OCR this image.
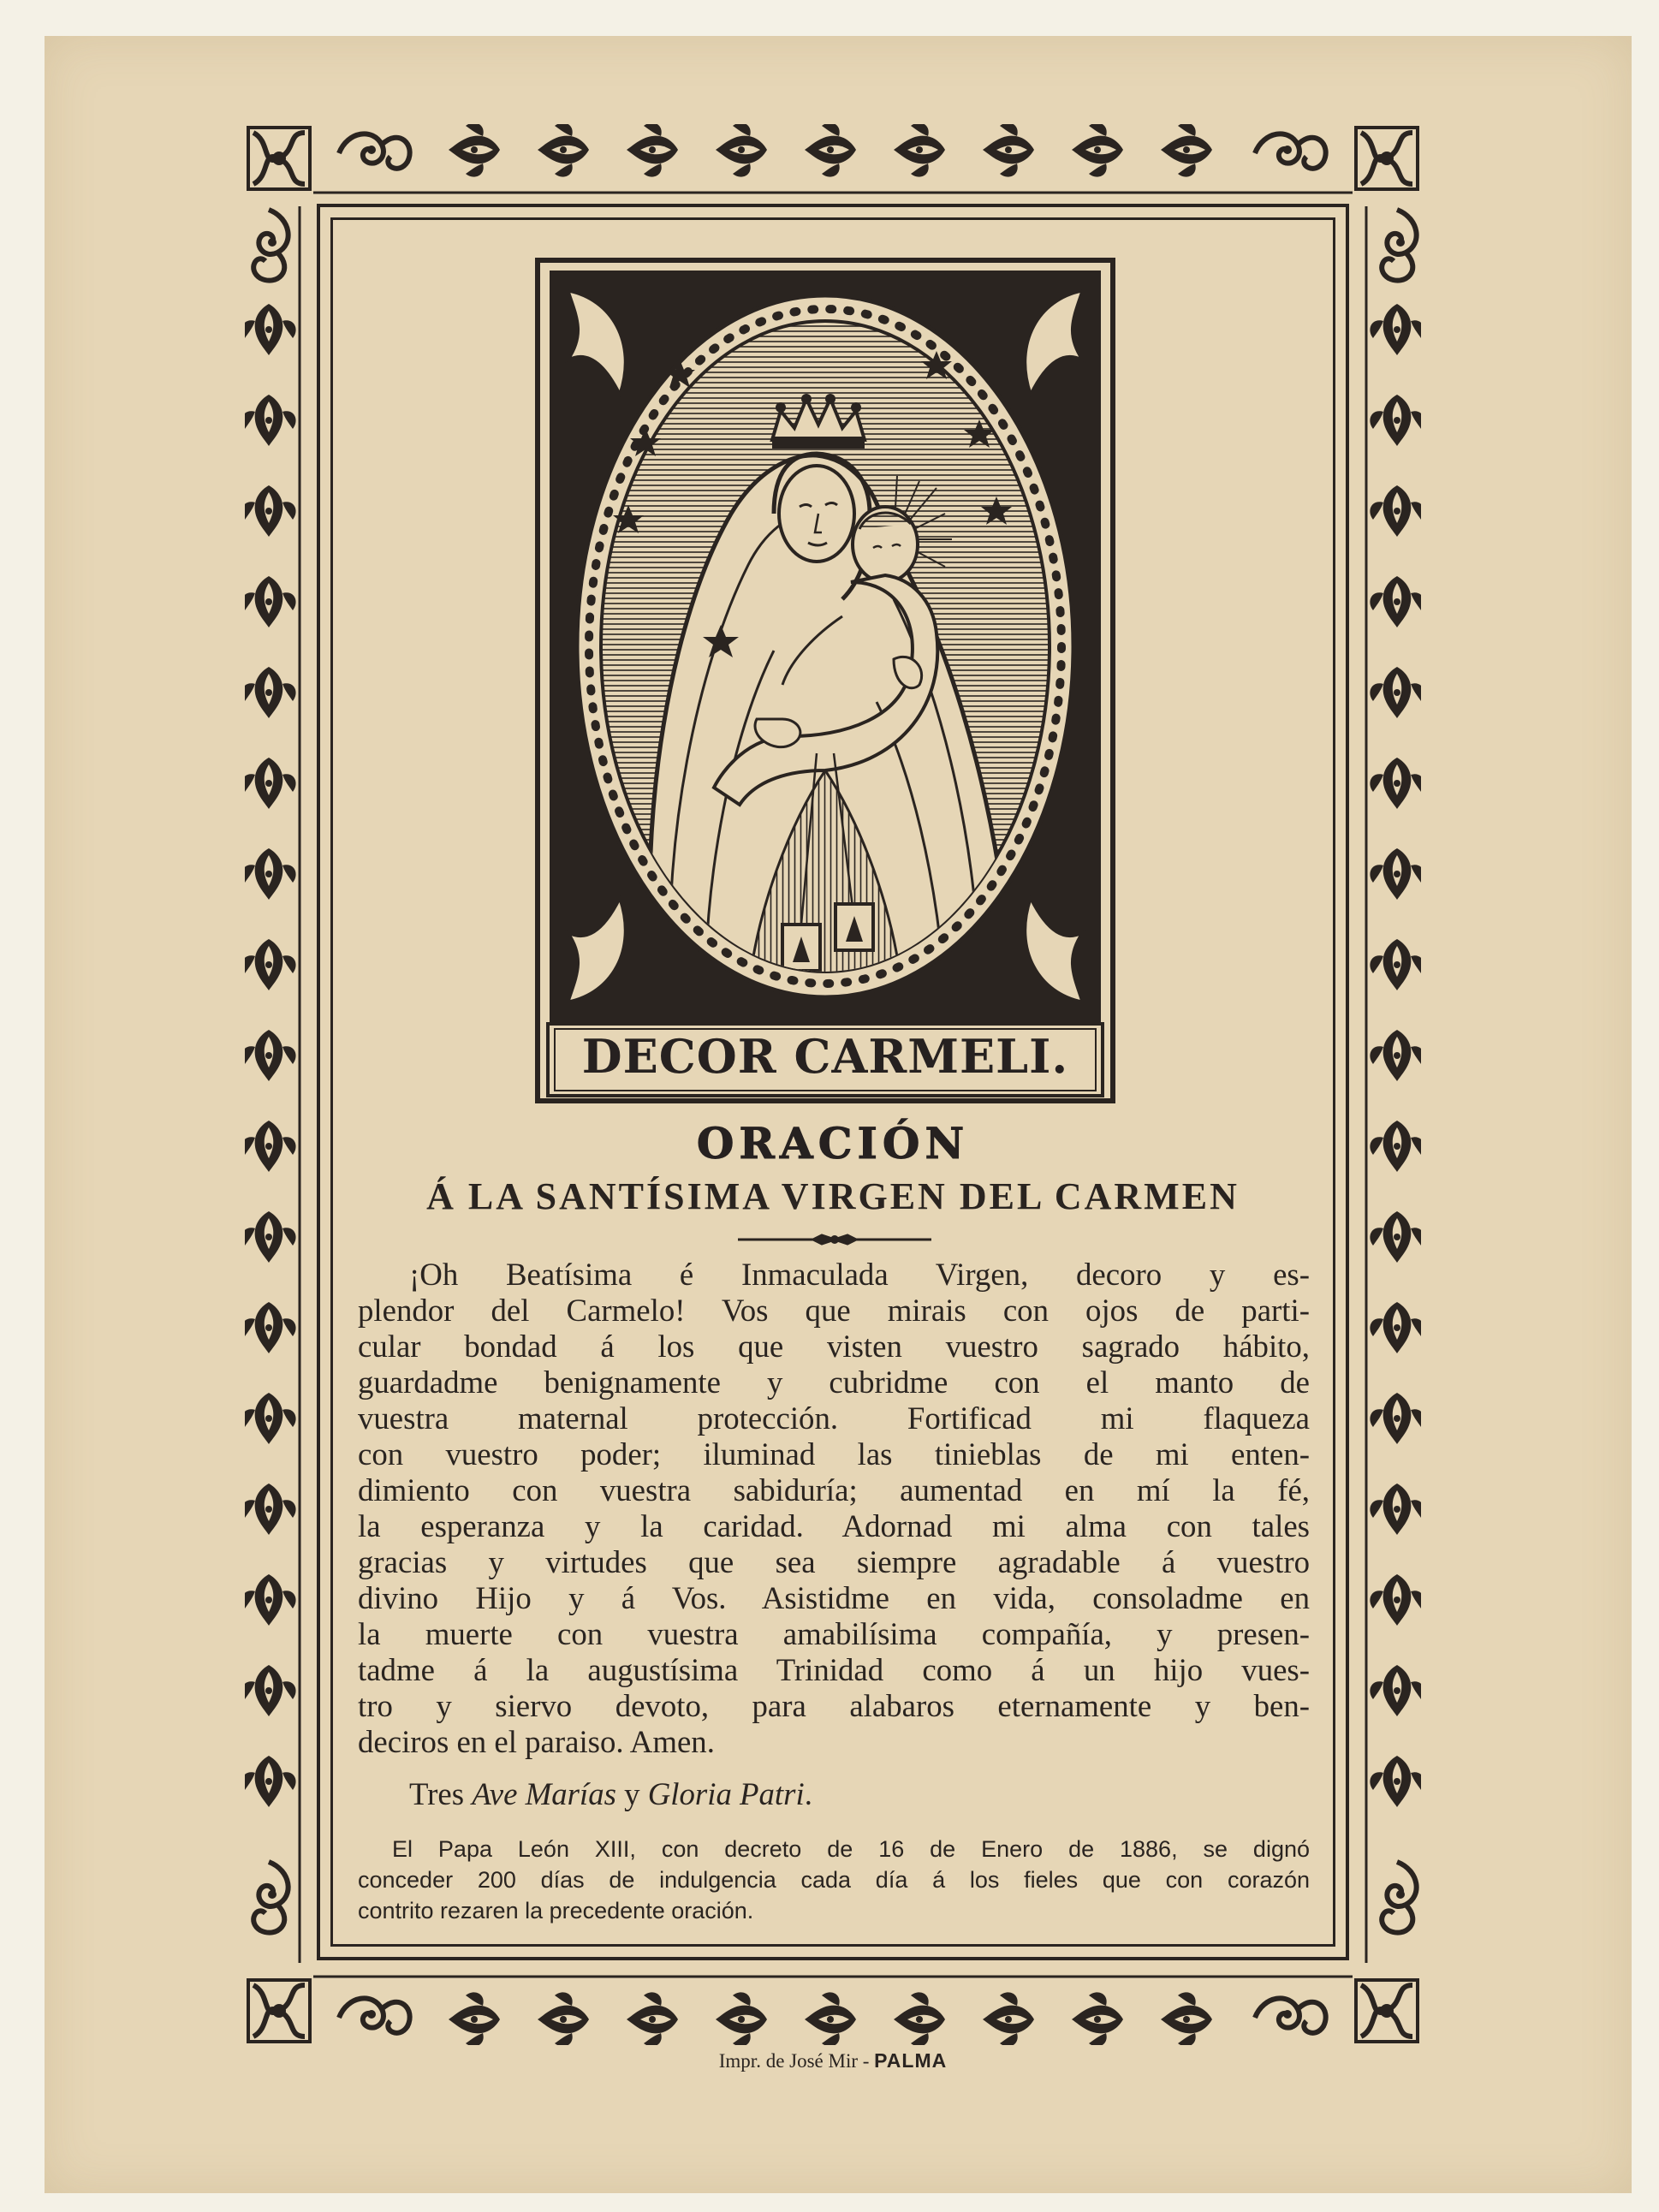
DECOR CARMELI.

ORACIÓN
Á LA SANTÍSIMA VIRGEN DEL CARMEN
¡Oh Beatísima é Inmaculada Virgen, decoro y es-
plendor del Carmelo! Vos que mirais con ojos de parti-
cular bondad á los que visten vuestro sagrado hábito,
guardadme benignamente y cubridme con el manto de
vuestra maternal protección. Fortificad mi flaqueza
con vuestro poder; iluminad las tinieblas de mi enten-
dimiento con vuestra sabiduría; aumentad en mí la fé,
la esperanza y la caridad. Adornad mi alma con tales
gracias y virtudes que sea siempre agradable á vuestro
divino Hijo y á Vos. Asistidme en vida, consoladme en
la muerte con vuestra amabilísima compañía, y presen-
tadme á la augustísima Trinidad como á un hijo vues-
tro y siervo devoto, para alabaros eternamente y ben-
deciros en el paraiso. Amen.

Tres Ave Marías y Gloria Patri.

El Papa León XIII, con decreto de 16 de Enero de 1886, se dignó
conceder 200 días de indulgencia cada día á los fieles que con corazón
contrito rezaren la precedente oración.

Impr. de José Mir - PALMA
